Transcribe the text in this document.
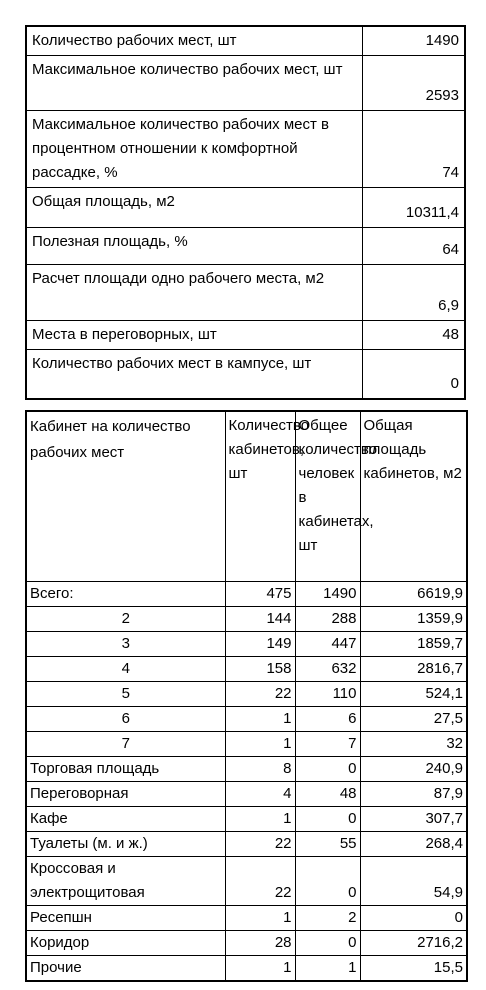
Количество рабочих мест, шт	1490
Максимальное количество рабочих мест, шт	2593
Максимальное количество рабочих мест в процентном отношении к комфортной рассадке, %	74
Общая площадь, м2	10311,4
Полезная площадь, %	64
Расчет площади одно рабочего места, м2	6,9
Места в переговорных, шт	48
Количество рабочих мест в кампусе, шт	0
Кабинет на количество рабочих мест	Количество кабинетов, шт	Общее количество человек в кабинетах, шт	Общая площадь кабинетов, м2
Всего:	475	1490	6619,9
2	144	288	1359,9
3	149	447	1859,7
4	158	632	2816,7
5	22	110	524,1
6	1	6	27,5
7	1	7	32
Торговая площадь	8	0	240,9
Переговорная	4	48	87,9
Кафе	1	0	307,7
Туалеты (м. и ж.)	22	55	268,4
Кроссовая и электрощитовая	22	0	54,9
Ресепшн	1	2	0
Коридор	28	0	2716,2
Прочие	1	1	15,5
